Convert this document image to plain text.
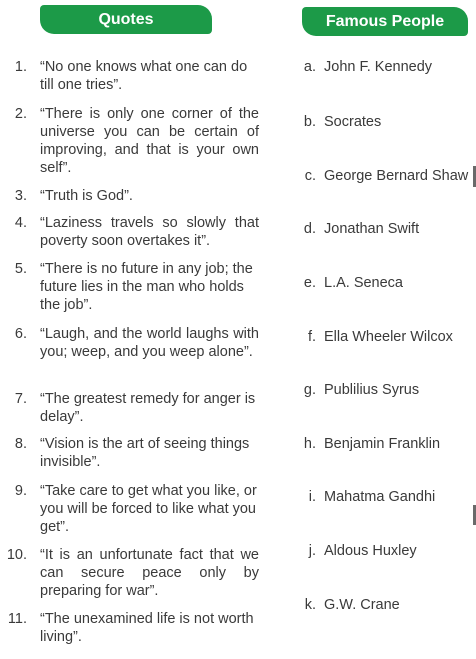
Quotes	Famous People
1. “No one knows what one can do till one tries”.
2. “There is only one corner of the universe you can be certain of improving, and that is your own self”.
3. “Truth is God”.
4. “Laziness travels so slowly that poverty soon overtakes it”.
5. “There is no future in any job; the future lies in the man who holds the job”.
6. “Laugh, and the world laughs with you; weep, and you weep alone”.
7. “The greatest remedy for anger is delay”.
8. “Vision is the art of seeing things invisible”.
9. “Take care to get what you like, or you will be forced to like what you get”.
10. “It is an unfortunate fact that we can secure peace only by preparing for war”.
11. “The unexamined life is not worth living”.
a. John F. Kennedy
b. Socrates
c. George Bernard Shaw
d. Jonathan Swift
e. L.A. Seneca
f. Ella Wheeler Wilcox
g. Publilius Syrus
h. Benjamin Franklin
i. Mahatma Gandhi
j. Aldous Huxley
k. G.W. Crane
